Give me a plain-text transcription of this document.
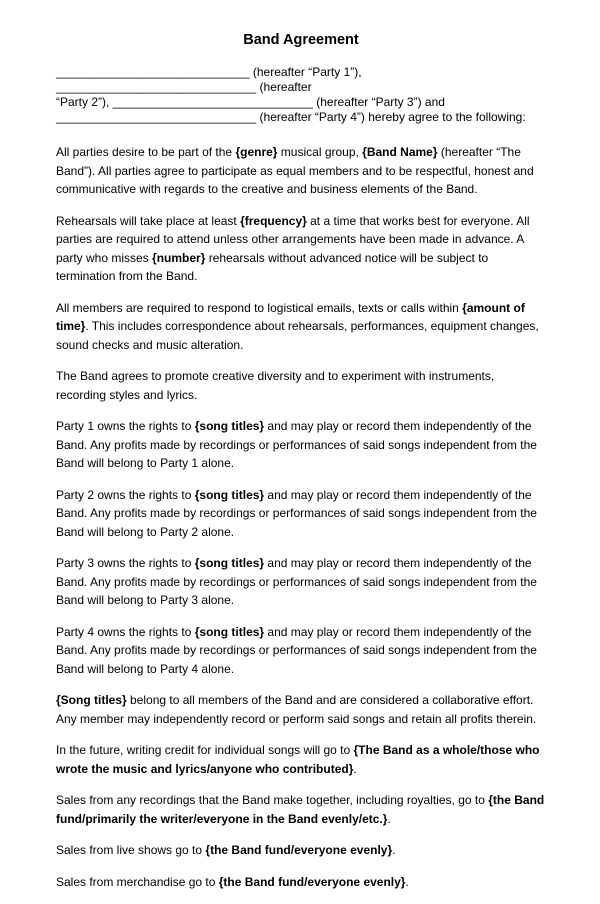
Band Agreement
_____________________________ (hereafter “Party 1”), ______________________________ (hereafter
“Party 2”), ______________________________ (hereafter “Party 3”) and
______________________________ (hereafter “Party 4”) hereby agree to the following:
All parties desire to be part of the {genre} musical group, {Band Name} (hereafter “The Band”). All parties agree to participate as equal members and to be respectful, honest and communicative with regards to the creative and business elements of the Band.
Rehearsals will take place at least {frequency} at a time that works best for everyone. All parties are required to attend unless other arrangements have been made in advance. A party who misses {number} rehearsals without advanced notice will be subject to termination from the Band.
All members are required to respond to logistical emails, texts or calls within {amount of time}. This includes correspondence about rehearsals, performances, equipment changes, sound checks and music alteration.
The Band agrees to promote creative diversity and to experiment with instruments, recording styles and lyrics.
Party 1 owns the rights to {song titles} and may play or record them independently of the Band. Any profits made by recordings or performances of said songs independent from the Band will belong to Party 1 alone.
Party 2 owns the rights to {song titles} and may play or record them independently of the Band. Any profits made by recordings or performances of said songs independent from the Band will belong to Party 2 alone.
Party 3 owns the rights to {song titles} and may play or record them independently of the Band. Any profits made by recordings or performances of said songs independent from the Band will belong to Party 3 alone.
Party 4 owns the rights to {song titles} and may play or record them independently of the Band. Any profits made by recordings or performances of said songs independent from the Band will belong to Party 4 alone.
{Song titles} belong to all members of the Band and are considered a collaborative effort. Any member may independently record or perform said songs and retain all profits therein.
In the future, writing credit for individual songs will go to {The Band as a whole/those who wrote the music and lyrics/anyone who contributed}.
Sales from any recordings that the Band make together, including royalties, go to {the Band fund/primarily the writer/everyone in the Band evenly/etc.}.
Sales from live shows go to {the Band fund/everyone evenly}.
Sales from merchandise go to {the Band fund/everyone evenly}.
